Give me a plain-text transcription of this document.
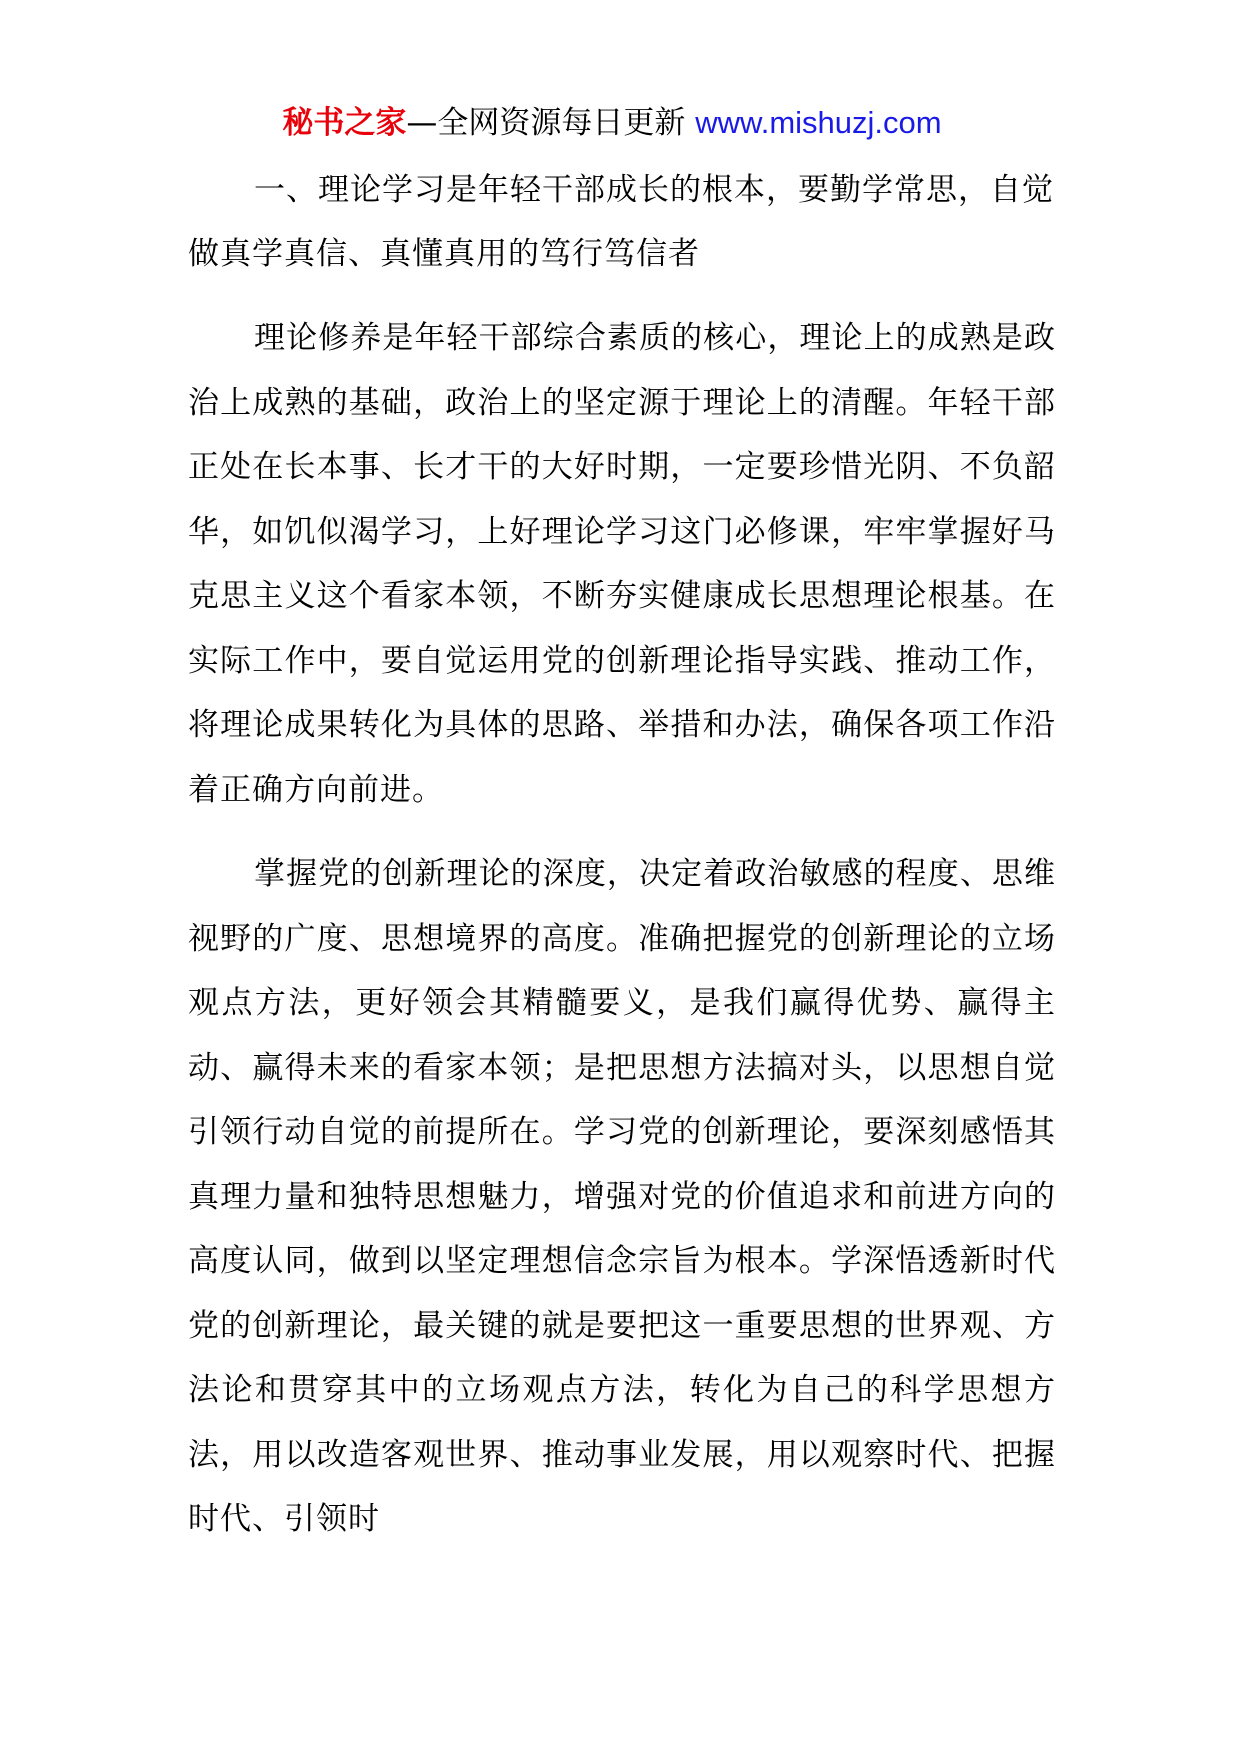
秘书之家—全网资源每日更新 www.mishuzj.com

一、理论学习是年轻干部成长的根本，要勤学常思，自觉做真学真信、真懂真用的笃行笃信者

理论修养是年轻干部综合素质的核心，理论上的成熟是政治上成熟的基础，政治上的坚定源于理论上的清醒。年轻干部正处在长本事、长才干的大好时期，一定要珍惜光阴、不负韶华，如饥似渴学习，上好理论学习这门必修课，牢牢掌握好马克思主义这个看家本领，不断夯实健康成长思想理论根基。在实际工作中，要自觉运用党的创新理论指导实践、推动工作，将理论成果转化为具体的思路、举措和办法，确保各项工作沿着正确方向前进。

掌握党的创新理论的深度，决定着政治敏感的程度、思维视野的广度、思想境界的高度。准确把握党的创新理论的立场观点方法，更好领会其精髓要义，是我们赢得优势、赢得主动、赢得未来的看家本领；是把思想方法搞对头，以思想自觉引领行动自觉的前提所在。学习党的创新理论，要深刻感悟其真理力量和独特思想魅力，增强对党的价值追求和前进方向的高度认同，做到以坚定理想信念宗旨为根本。学深悟透新时代党的创新理论，最关键的就是要把这一重要思想的世界观、方法论和贯穿其中的立场观点方法，转化为自己的科学思想方法，用以改造客观世界、推动事业发展，用以观察时代、把握时代、引领时
